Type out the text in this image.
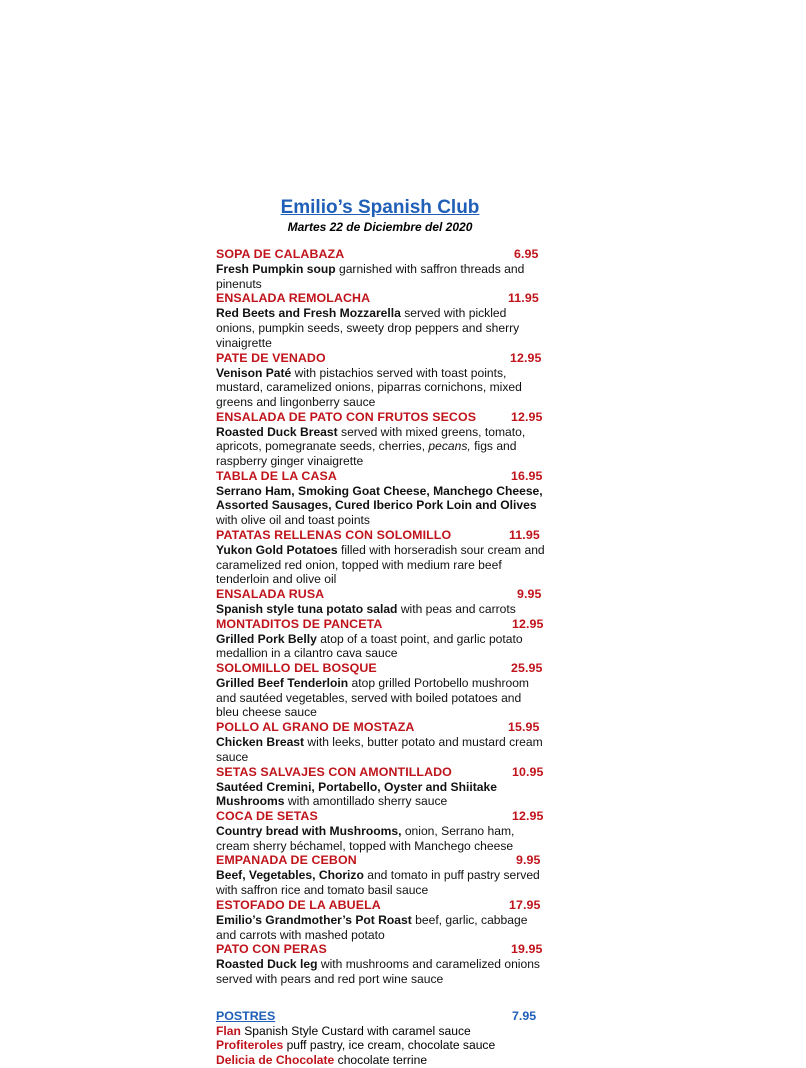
Emilio’s Spanish Club
Martes 22 de Diciembre del 2020
SOPA DE CALABAZA	6.95
Fresh Pumpkin soup garnished with saffron threads and pinenuts
ENSALADA REMOLACHA	11.95
Red Beets and Fresh Mozzarella served with pickled onions, pumpkin seeds, sweety drop peppers and sherry vinaigrette
PATE DE VENADO	12.95
Venison Paté with pistachios served with toast points, mustard, caramelized onions, piparras cornichons, mixed greens and lingonberry sauce
ENSALADA DE PATO CON FRUTOS SECOS	12.95
Roasted Duck Breast served with mixed greens, tomato, apricots, pomegranate seeds, cherries, pecans, figs and raspberry ginger vinaigrette
TABLA DE LA CASA	16.95
Serrano Ham, Smoking Goat Cheese, Manchego Cheese, Assorted Sausages, Cured Iberico Pork Loin and Olives with olive oil and toast points
PATATAS RELLENAS CON SOLOMILLO	11.95
Yukon Gold Potatoes filled with horseradish sour cream and caramelized red onion, topped with medium rare beef tenderloin and olive oil
ENSALADA RUSA	9.95
Spanish style tuna potato salad with peas and carrots
MONTADITOS DE PANCETA	12.95
Grilled Pork Belly atop of a toast point, and garlic potato medallion in a cilantro cava sauce
SOLOMILLO DEL BOSQUE	25.95
Grilled Beef Tenderloin atop grilled Portobello mushroom and sautéed vegetables, served with boiled potatoes and bleu cheese sauce
POLLO AL GRANO DE MOSTAZA	15.95
Chicken Breast with leeks, butter potato and mustard cream sauce
SETAS SALVAJES CON AMONTILLADO	10.95
Sautéed Cremini, Portabello, Oyster and Shiitake Mushrooms with amontillado sherry sauce
COCA DE SETAS	12.95
Country bread with Mushrooms, onion, Serrano ham, cream sherry béchamel, topped with Manchego cheese
EMPANADA DE CEBON	9.95
Beef, Vegetables, Chorizo and tomato in puff pastry served with saffron rice and tomato basil sauce
ESTOFADO DE LA ABUELA	17.95
Emilio’s Grandmother’s Pot Roast beef, garlic, cabbage and carrots with mashed potato
PATO CON PERAS	19.95
Roasted Duck leg with mushrooms and caramelized onions served with pears and red port wine sauce
POSTRES	7.95
Flan Spanish Style Custard with caramel sauce
Profiteroles puff pastry, ice cream, chocolate sauce
Delicia de Chocolate chocolate terrine
